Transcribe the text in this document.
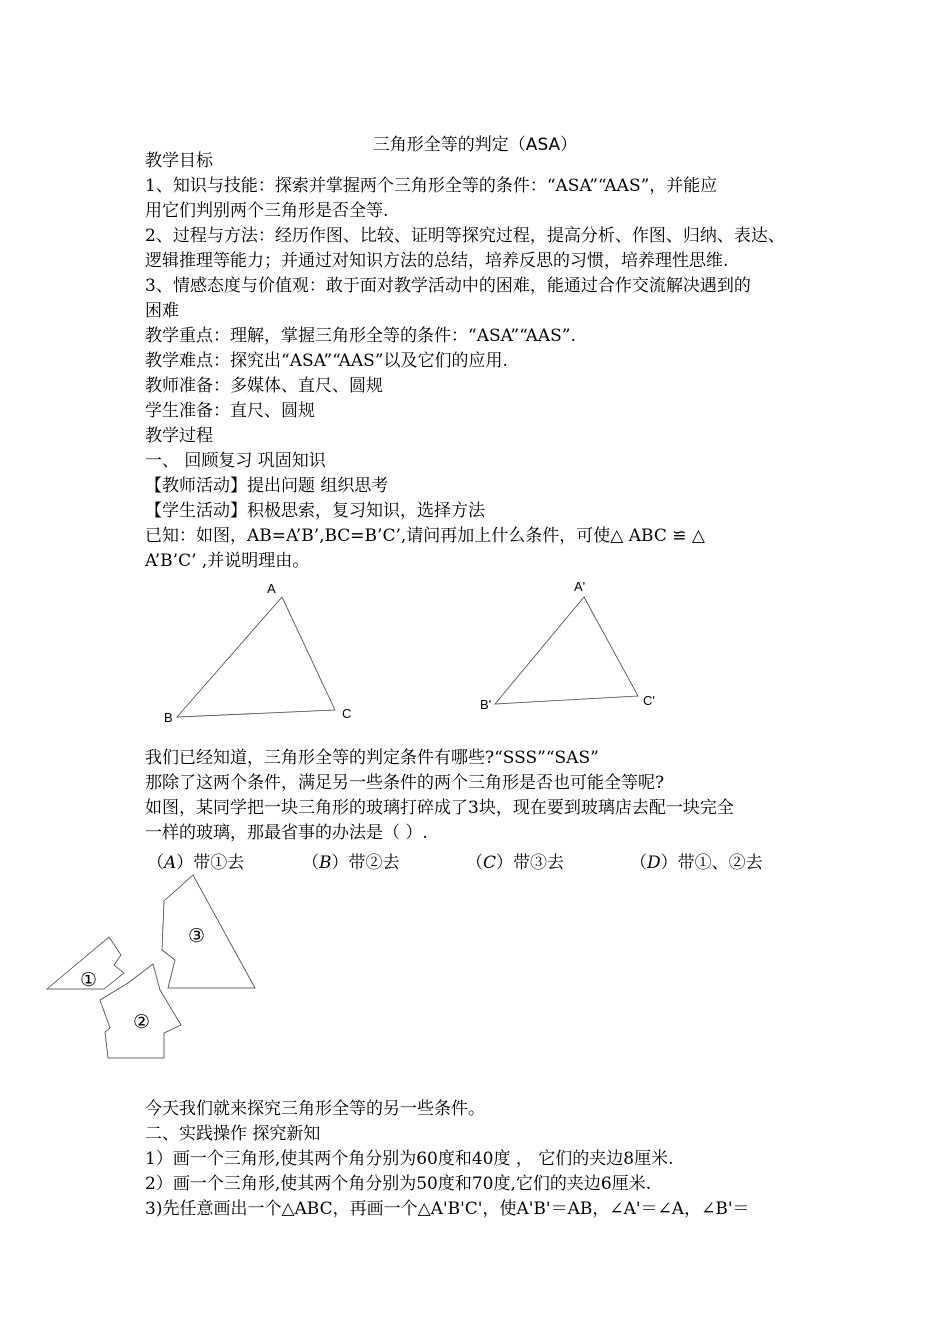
三角形全等的判定（ASA）
教学目标
1、知识与技能：探索并掌握两个三角形全等的条件：“ASA”“AAS”，并能应
用它们判别两个三角形是否全等.
2、过程与方法：经历作图、比较、证明等探究过程，提高分析、作图、归纳、表达、
逻辑推理等能力；并通过对知识方法的总结，培养反思的习惯，培养理性思维.
3、情感态度与价值观：敢于面对教学活动中的困难，能通过合作交流解决遇到的
困难
教学重点：理解，掌握三角形全等的条件：“ASA”“AAS”.
教学难点：探究出“ASA”“AAS”以及它们的应用.
教师准备：多媒体、直尺、圆规
学生准备：直尺、圆规
教学过程
一、 回顾复习 巩固知识
【教师活动】提出问题 组织思考
【学生活动】积极思索，复习知识，选择方法
已知：如图，AB=A’B’,BC=B’C’,请问再加上什么条件，可使△ ABC ≌ △
A’B’C’ ,并说明理由。
A
B	C
A'
B'	C'
我们已经知道，三角形全等的判定条件有哪些?“SSS”“SAS”
那除了这两个条件，满足另一些条件的两个三角形是否也可能全等呢?
如图，某同学把一块三角形的玻璃打碎成了3块，现在要到玻璃店去配一块完全
一样的玻璃，那最省事的办法是（ ）.
（A）带①去	（B）带②去	（C）带③去	（D）带①、②去
①
②
③
今天我们就来探究三角形全等的另一些条件。
二、实践操作 探究新知
1）画一个三角形,使其两个角分别为60度和40度 ， 它们的夹边8厘米.
2）画一个三角形,使其两个角分别为50度和70度,它们的夹边6厘米.
3)先任意画出一个△ABC，再画一个△A'B'C'，使A'B'＝AB，∠A'＝∠A，∠B'＝
